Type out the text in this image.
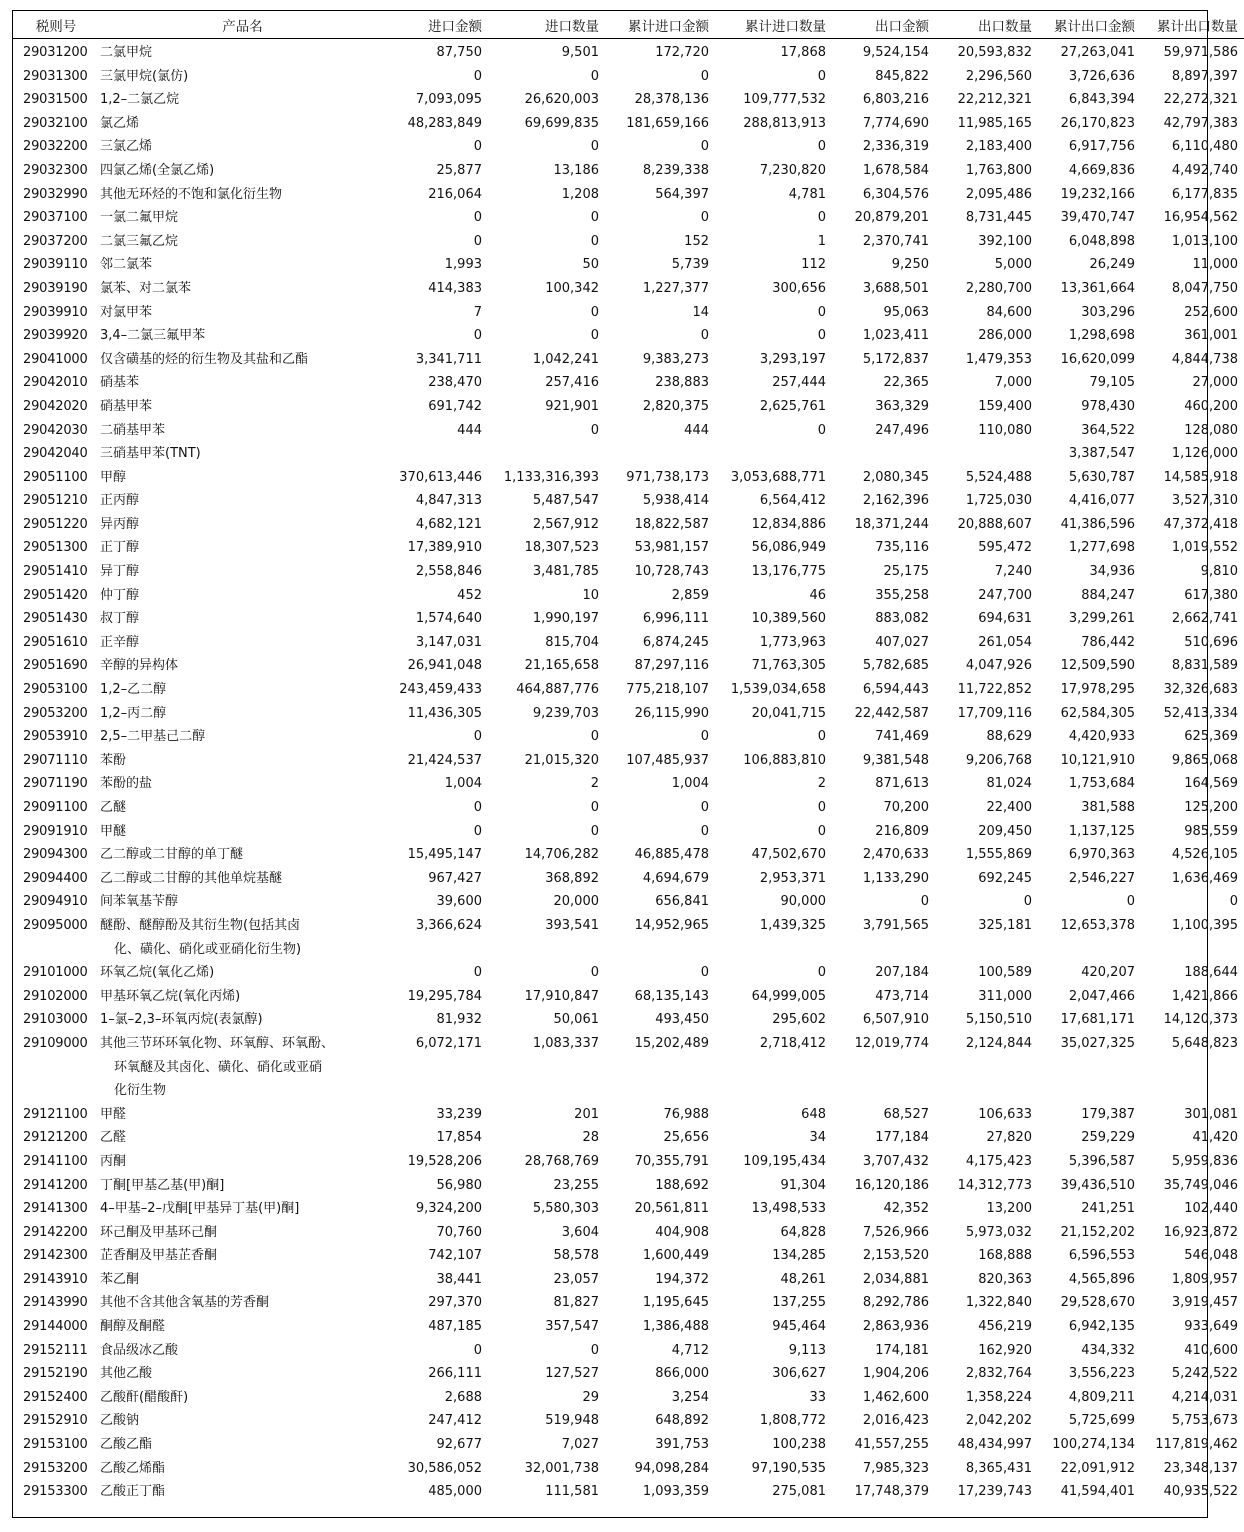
税则号	产品名	进口金额	进口数量	累计进口金额	累计进口数量	出口金额	出口数量	累计出口金额	累计出口数量
29031200	二氯甲烷	87,750	9,501	172,720	17,868	9,524,154	20,593,832	27,263,041	59,971,586
29031300	三氯甲烷(氯仿)	0	0	0	0	845,822	2,296,560	3,726,636	8,897,397
29031500	1,2–二氯乙烷	7,093,095	26,620,003	28,378,136	109,777,532	6,803,216	22,212,321	6,843,394	22,272,321
29032100	氯乙烯	48,283,849	69,699,835	181,659,166	288,813,913	7,774,690	11,985,165	26,170,823	42,797,383
29032200	三氯乙烯	0	0	0	0	2,336,319	2,183,400	6,917,756	6,110,480
29032300	四氯乙烯(全氯乙烯)	25,877	13,186	8,239,338	7,230,820	1,678,584	1,763,800	4,669,836	4,492,740
29032990	其他无环烃的不饱和氯化衍生物	216,064	1,208	564,397	4,781	6,304,576	2,095,486	19,232,166	6,177,835
29037100	一氯二氟甲烷	0	0	0	0	20,879,201	8,731,445	39,470,747	16,954,562
29037200	二氯三氟乙烷	0	0	152	1	2,370,741	392,100	6,048,898	1,013,100
29039110	邻二氯苯	1,993	50	5,739	112	9,250	5,000	26,249	11,000
29039190	氯苯、对二氯苯	414,383	100,342	1,227,377	300,656	3,688,501	2,280,700	13,361,664	8,047,750
29039910	对氯甲苯	7	0	14	0	95,063	84,600	303,296	252,600
29039920	3,4–二氯三氟甲苯	0	0	0	0	1,023,411	286,000	1,298,698	361,001
29041000	仅含磺基的烃的衍生物及其盐和乙酯	3,341,711	1,042,241	9,383,273	3,293,197	5,172,837	1,479,353	16,620,099	4,844,738
29042010	硝基苯	238,470	257,416	238,883	257,444	22,365	7,000	79,105	27,000
29042020	硝基甲苯	691,742	921,901	2,820,375	2,625,761	363,329	159,400	978,430	460,200
29042030	二硝基甲苯	444	0	444	0	247,496	110,080	364,522	128,080
29042040	三硝基甲苯(TNT)							3,387,547	1,126,000
29051100	甲醇	370,613,446	1,133,316,393	971,738,173	3,053,688,771	2,080,345	5,524,488	5,630,787	14,585,918
29051210	正丙醇	4,847,313	5,487,547	5,938,414	6,564,412	2,162,396	1,725,030	4,416,077	3,527,310
29051220	异丙醇	4,682,121	2,567,912	18,822,587	12,834,886	18,371,244	20,888,607	41,386,596	47,372,418
29051300	正丁醇	17,389,910	18,307,523	53,981,157	56,086,949	735,116	595,472	1,277,698	1,019,552
29051410	异丁醇	2,558,846	3,481,785	10,728,743	13,176,775	25,175	7,240	34,936	9,810
29051420	仲丁醇	452	10	2,859	46	355,258	247,700	884,247	617,380
29051430	叔丁醇	1,574,640	1,990,197	6,996,111	10,389,560	883,082	694,631	3,299,261	2,662,741
29051610	正辛醇	3,147,031	815,704	6,874,245	1,773,963	407,027	261,054	786,442	510,696
29051690	辛醇的异构体	26,941,048	21,165,658	87,297,116	71,763,305	5,782,685	4,047,926	12,509,590	8,831,589
29053100	1,2–乙二醇	243,459,433	464,887,776	775,218,107	1,539,034,658	6,594,443	11,722,852	17,978,295	32,326,683
29053200	1,2–丙二醇	11,436,305	9,239,703	26,115,990	20,041,715	22,442,587	17,709,116	62,584,305	52,413,334
29053910	2,5–二甲基己二醇	0	0	0	0	741,469	88,629	4,420,933	625,369
29071110	苯酚	21,424,537	21,015,320	107,485,937	106,883,810	9,381,548	9,206,768	10,121,910	9,865,068
29071190	苯酚的盐	1,004	2	1,004	2	871,613	81,024	1,753,684	164,569
29091100	乙醚	0	0	0	0	70,200	22,400	381,588	125,200
29091910	甲醚	0	0	0	0	216,809	209,450	1,137,125	985,559
29094300	乙二醇或二甘醇的单丁醚	15,495,147	14,706,282	46,885,478	47,502,670	2,470,633	1,555,869	6,970,363	4,526,105
29094400	乙二醇或二甘醇的其他单烷基醚	967,427	368,892	4,694,679	2,953,371	1,133,290	692,245	2,546,227	1,636,469
29094910	间苯氧基苄醇	39,600	20,000	656,841	90,000	0	0	0	0
29095000	醚酚、醚醇酚及其衍生物(包括其卤
化、磺化、硝化或亚硝化衍生物)	3,366,624	393,541	14,952,965	1,439,325	3,791,565	325,181	12,653,378	1,100,395
29101000	环氧乙烷(氧化乙烯)	0	0	0	0	207,184	100,589	420,207	188,644
29102000	甲基环氧乙烷(氧化丙烯)	19,295,784	17,910,847	68,135,143	64,999,005	473,714	311,000	2,047,466	1,421,866
29103000	1–氯–2,3–环氧丙烷(表氯醇)	81,932	50,061	493,450	295,602	6,507,910	5,150,510	17,681,171	14,120,373
29109000	其他三节环环氧化物、环氧醇、环氧酚、
环氧醚及其卤化、磺化、硝化或亚硝
化衍生物	6,072,171	1,083,337	15,202,489	2,718,412	12,019,774	2,124,844	35,027,325	5,648,823
29121100	甲醛	33,239	201	76,988	648	68,527	106,633	179,387	301,081
29121200	乙醛	17,854	28	25,656	34	177,184	27,820	259,229	41,420
29141100	丙酮	19,528,206	28,768,769	70,355,791	109,195,434	3,707,432	4,175,423	5,396,587	5,959,836
29141200	丁酮[甲基乙基(甲)酮]	56,980	23,255	188,692	91,304	16,120,186	14,312,773	39,436,510	35,749,046
29141300	4–甲基–2–戊酮[甲基异丁基(甲)酮]	9,324,200	5,580,303	20,561,811	13,498,533	42,352	13,200	241,251	102,440
29142200	环己酮及甲基环己酮	70,760	3,604	404,908	64,828	7,526,966	5,973,032	21,152,202	16,923,872
29142300	芷香酮及甲基芷香酮	742,107	58,578	1,600,449	134,285	2,153,520	168,888	6,596,553	546,048
29143910	苯乙酮	38,441	23,057	194,372	48,261	2,034,881	820,363	4,565,896	1,809,957
29143990	其他不含其他含氧基的芳香酮	297,370	81,827	1,195,645	137,255	8,292,786	1,322,840	29,528,670	3,919,457
29144000	酮醇及酮醛	487,185	357,547	1,386,488	945,464	2,863,936	456,219	6,942,135	933,649
29152111	食品级冰乙酸	0	0	4,712	9,113	174,181	162,920	434,332	410,600
29152190	其他乙酸	266,111	127,527	866,000	306,627	1,904,206	2,832,764	3,556,223	5,242,522
29152400	乙酸酐(醋酸酐)	2,688	29	3,254	33	1,462,600	1,358,224	4,809,211	4,214,031
29152910	乙酸钠	247,412	519,948	648,892	1,808,772	2,016,423	2,042,202	5,725,699	5,753,673
29153100	乙酸乙酯	92,677	7,027	391,753	100,238	41,557,255	48,434,997	100,274,134	117,819,462
29153200	乙酸乙烯酯	30,586,052	32,001,738	94,098,284	97,190,535	7,985,323	8,365,431	22,091,912	23,348,137
29153300	乙酸正丁酯	485,000	111,581	1,093,359	275,081	17,748,379	17,239,743	41,594,401	40,935,522
